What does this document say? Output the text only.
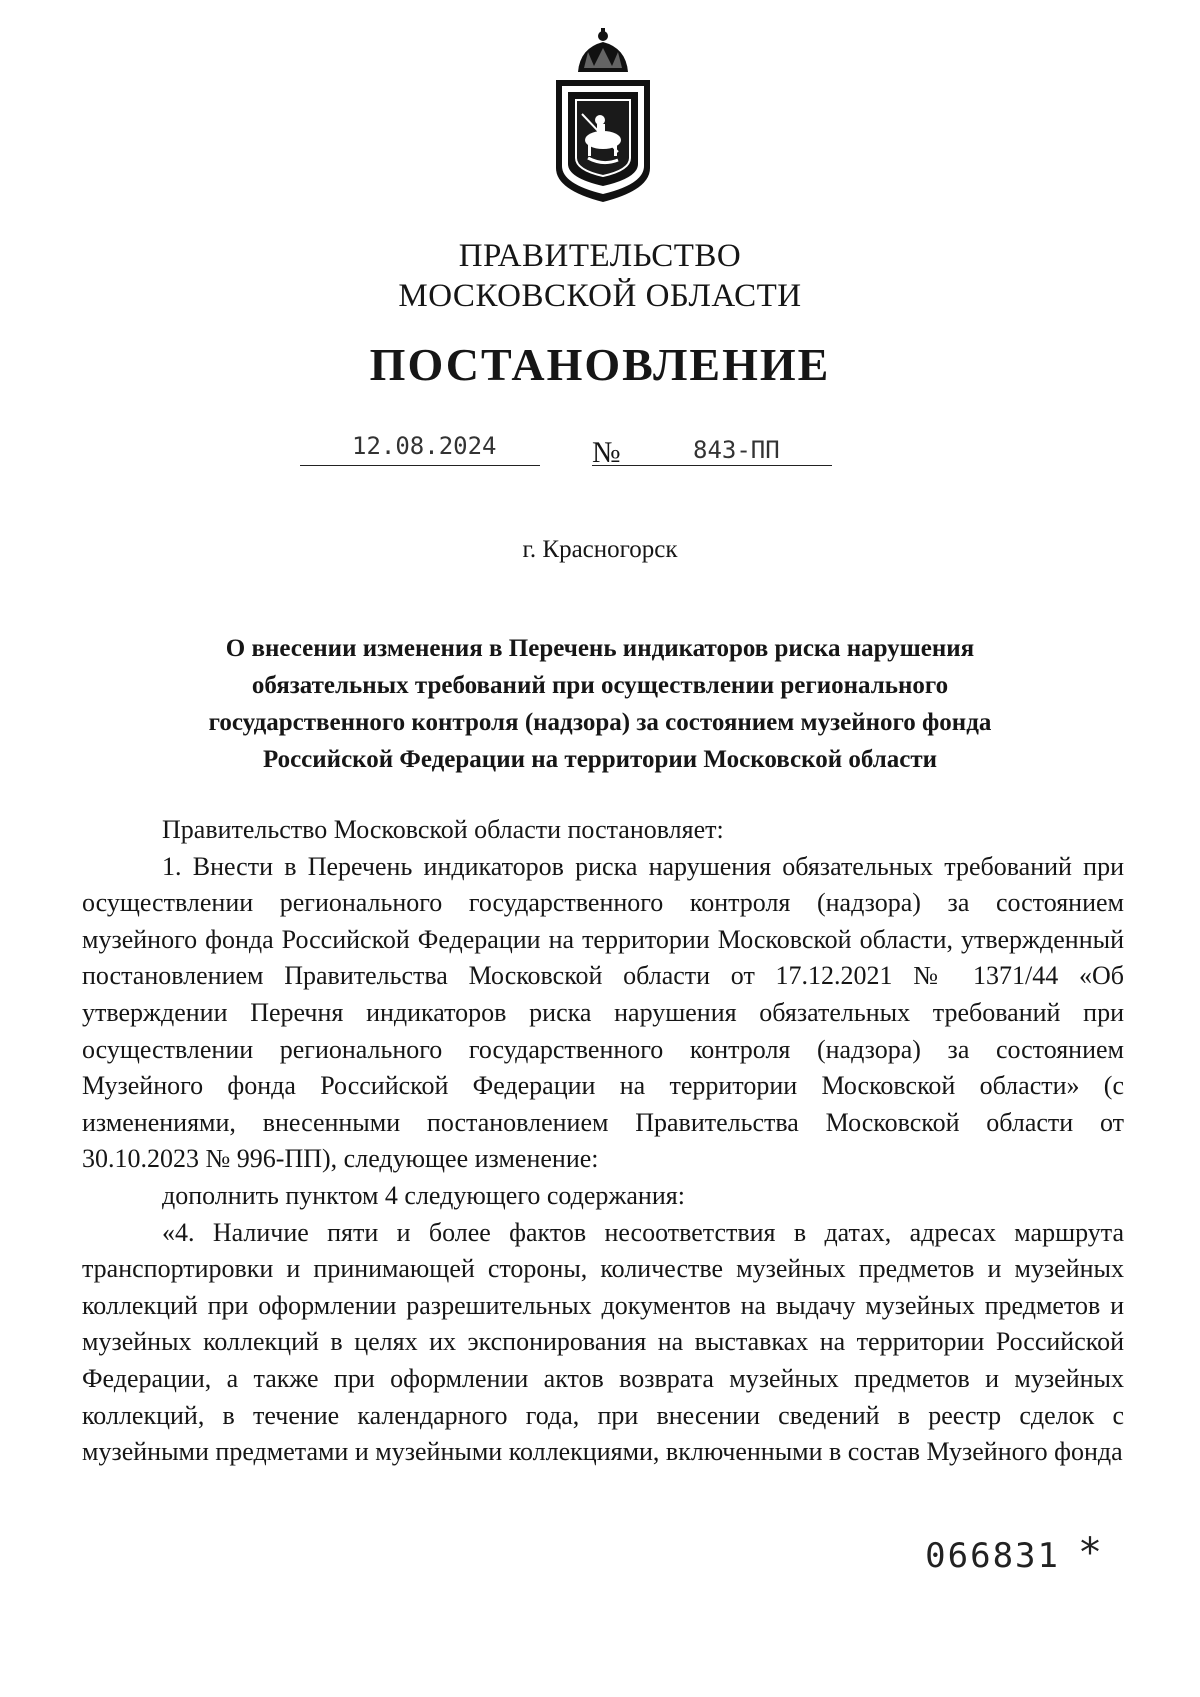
ПРАВИТЕЛЬСТВО
МОСКОВСКОЙ ОБЛАСТИ
ПОСТАНОВЛЕНИЕ
12.08.2024	№	843-ПП
г. Красногорск
О внесении изменения в Перечень индикаторов риска нарушения
обязательных требований при осуществлении регионального
государственного контроля (надзора) за состоянием музейного фонда
Российской Федерации на территории Московской области

Правительство Московской области постановляет:

1. Внести в Перечень индикаторов риска нарушения обязательных требований при осуществлении регионального государственного контроля (надзора) за состоянием музейного фонда Российской Федерации на территории Московской области, утвержденный постановлением Правительства Московской области от 17.12.2021 № 1371/44 «Об утверждении Перечня индикаторов риска нарушения обязательных требований при осуществлении регионального государственного контроля (надзора) за состоянием Музейного фонда Российской Федерации на территории Московской области» (с изменениями, внесенными постановлением Правительства Московской области от 30.10.2023 № 996-ПП), следующее изменение:

дополнить пунктом 4 следующего содержания:

«4. Наличие пяти и более фактов несоответствия в датах, адресах маршрута транспортировки и принимающей стороны, количестве музейных предметов и музейных коллекций при оформлении разрешительных документов на выдачу музейных предметов и музейных коллекций в целях их экспонирования на выставках на территории Российской Федерации, а также при оформлении актов возврата музейных предметов и музейных коллекций, в течение календарного года, при внесении сведений в реестр сделок с музейными предметами и музейными коллекциями, включенными в состав Музейного фонда

066831 *
